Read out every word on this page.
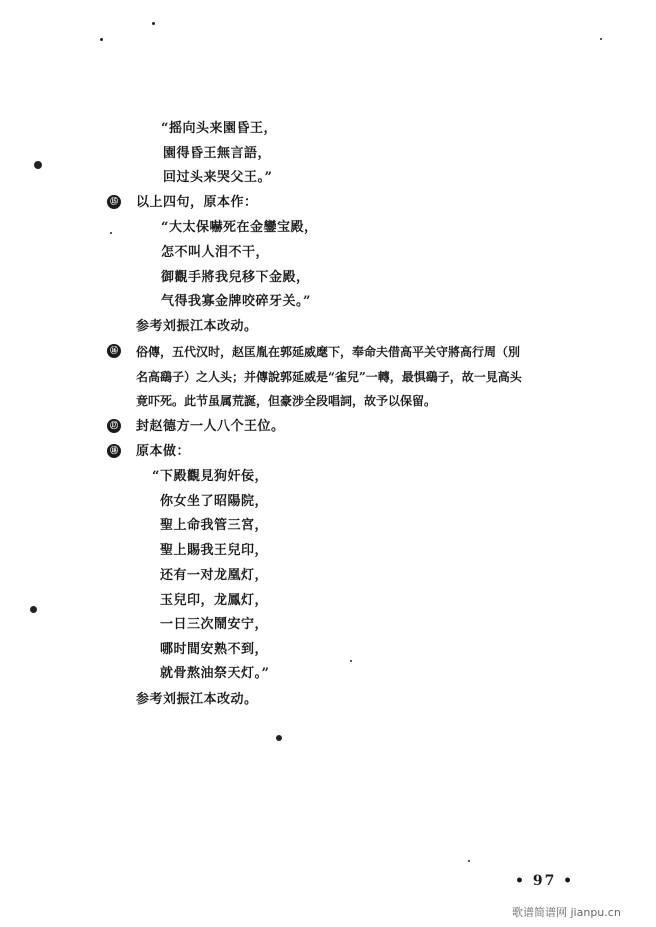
“摇向头来園昏王，
園得昏王無言語，
回过头来哭父王。”
⑮ 以上四句，原本作：
“大太保嚇死在金鑾宝殿，
怎不叫人泪不干，
御觀手將我兒移下金殿，
气得我寡金牌咬碎牙关。”
参考刘振江本改动。
⑯ 俗傳，五代汉时，赵匡胤在郭延威麾下，奉命夫借高平关守將高行周（別
名高鷂子）之人头；并傳說郭延威是“雀兒”一轉，最惧鷂子，故一見高头
竟吓死。此节虽属荒誕，但豪涉全段唱詞，故予以保留。
⑰ 封赵德方一人八个王位。
⑱ 原本做：
“下殿觀見狗奸佞，
你女坐了昭陽院，
聖上命我管三宮，
聖上賜我王兒印，
还有一对龙凰灯，
玉兒印，龙鳳灯，
一日三次鬧安宁，
哪时間安熟不到，
就骨熬油祭天灯。”
参考刘振江本改动。
• 97 •
歌谱简谱网 jianpu.cn
